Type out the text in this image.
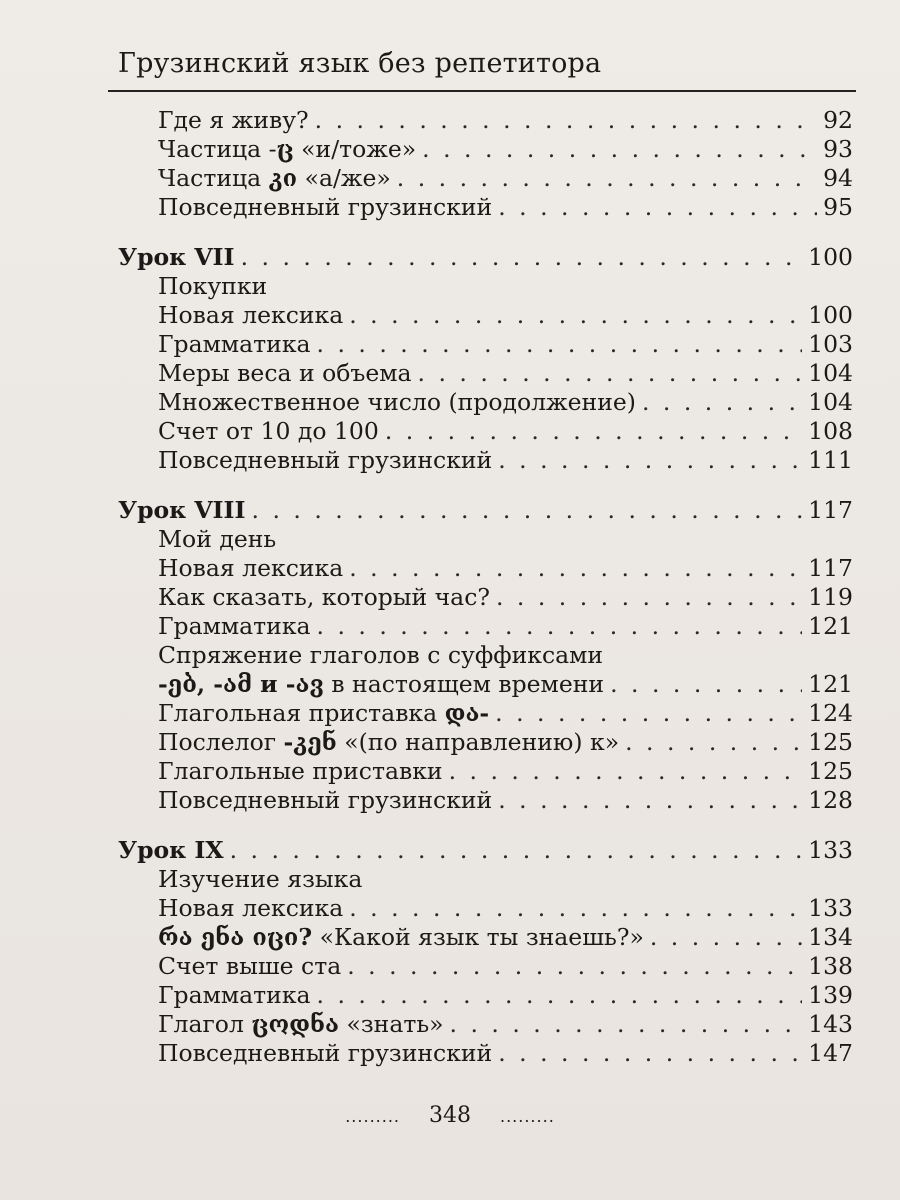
Грузинский язык без репетитора
Где я живу? . . .	92
Частица -ც «и/тоже» . . .	93
Частица კი «а/же» . . .	94
Повседневный грузинский . . .	95
Урок VII . . .	100
Покупки
Новая лексика . . .	100
Грамматика . . .	103
Меры веса и объема . . .	104
Множественное число (продолжение) . . .	104
Счет от 10 до 100 . . .	108
Повседневный грузинский . . .	111
Урок VIII . . .	117
Мой день
Новая лексика . . .	117
Как сказать, который час? . . .	119
Грамматика . . .	121
Спряжение глаголов с суффиксами
-ებ, -ამ и -ავ в настоящем времени . . .	121
Глагольная приставка და- . . .	124
Послелог -კენ «(по направлению) к» . . .	125
Глагольные приставки . . .	125
Повседневный грузинский . . .	128
Урок IX . . .	133
Изучение языка
Новая лексика . . .	133
რა ენა იცი? «Какой язык ты знаешь?» . . .	134
Счет выше ста . . .	138
Грамматика . . .	139
Глагол ცოდნა «знать» . . .	143
Повседневный грузинский . . .	147
......... 348 .........
